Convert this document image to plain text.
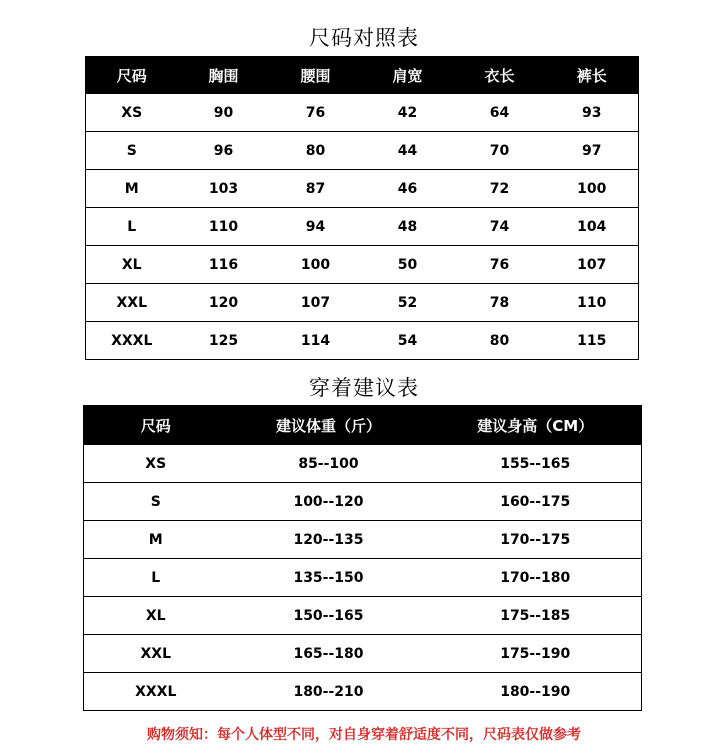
尺码对照表
尺码	胸围	腰围	肩宽	衣长	裤长
XS	90	76	42	64	93
S	96	80	44	70	97
M	103	87	46	72	100
L	110	94	48	74	104
XL	116	100	50	76	107
XXL	120	107	52	78	110
XXXL	125	114	54	80	115
穿着建议表
尺码	建议体重（斤）	建议身高（CM）
XS	85--100	155--165
S	100--120	160--175
M	120--135	170--175
L	135--150	170--180
XL	150--165	175--185
XXL	165--180	175--190
XXXL	180--210	180--190
购物须知：每个人体型不同，对自身穿着舒适度不同，尺码表仅做参考
